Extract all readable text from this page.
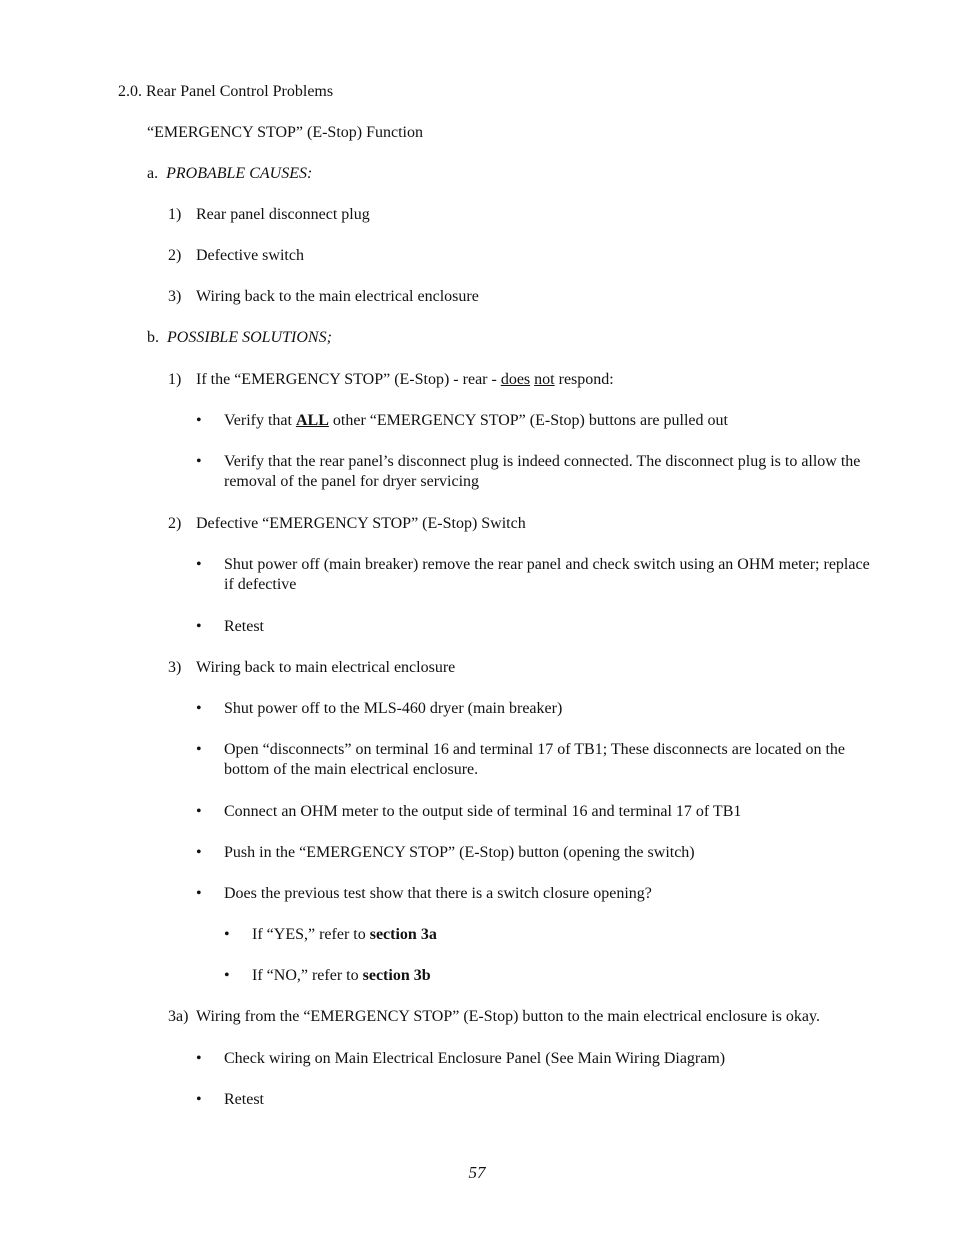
2.0. Rear Panel Control Problems
“EMERGENCY STOP” (E-Stop) Function
a. PROBABLE CAUSES:
1) Rear panel disconnect plug
2) Defective switch
3) Wiring back to the main electrical enclosure
b. POSSIBLE SOLUTIONS;
1) If the “EMERGENCY STOP” (E-Stop) - rear - does not respond:
• Verify that ALL other “EMERGENCY STOP” (E-Stop) buttons are pulled out
• Verify that the rear panel’s disconnect plug is indeed connected. The disconnect plug is to allow the removal of the panel for dryer servicing
2) Defective “EMERGENCY STOP” (E-Stop) Switch
• Shut power off (main breaker) remove the rear panel and check switch using an OHM meter; replace if defective
• Retest
3) Wiring back to main electrical enclosure
• Shut power off to the MLS-460 dryer (main breaker)
• Open “disconnects” on terminal 16 and terminal 17 of TB1; These disconnects are located on the bottom of the main electrical enclosure.
• Connect an OHM meter to the output side of terminal 16 and terminal 17 of TB1
• Push in the “EMERGENCY STOP” (E-Stop) button (opening the switch)
• Does the previous test show that there is a switch closure opening?
• If “YES,” refer to section 3a
• If “NO,” refer to section 3b
3a) Wiring from the “EMERGENCY STOP” (E-Stop) button to the main electrical enclosure is okay.
• Check wiring on Main Electrical Enclosure Panel (See Main Wiring Diagram)
• Retest
57
